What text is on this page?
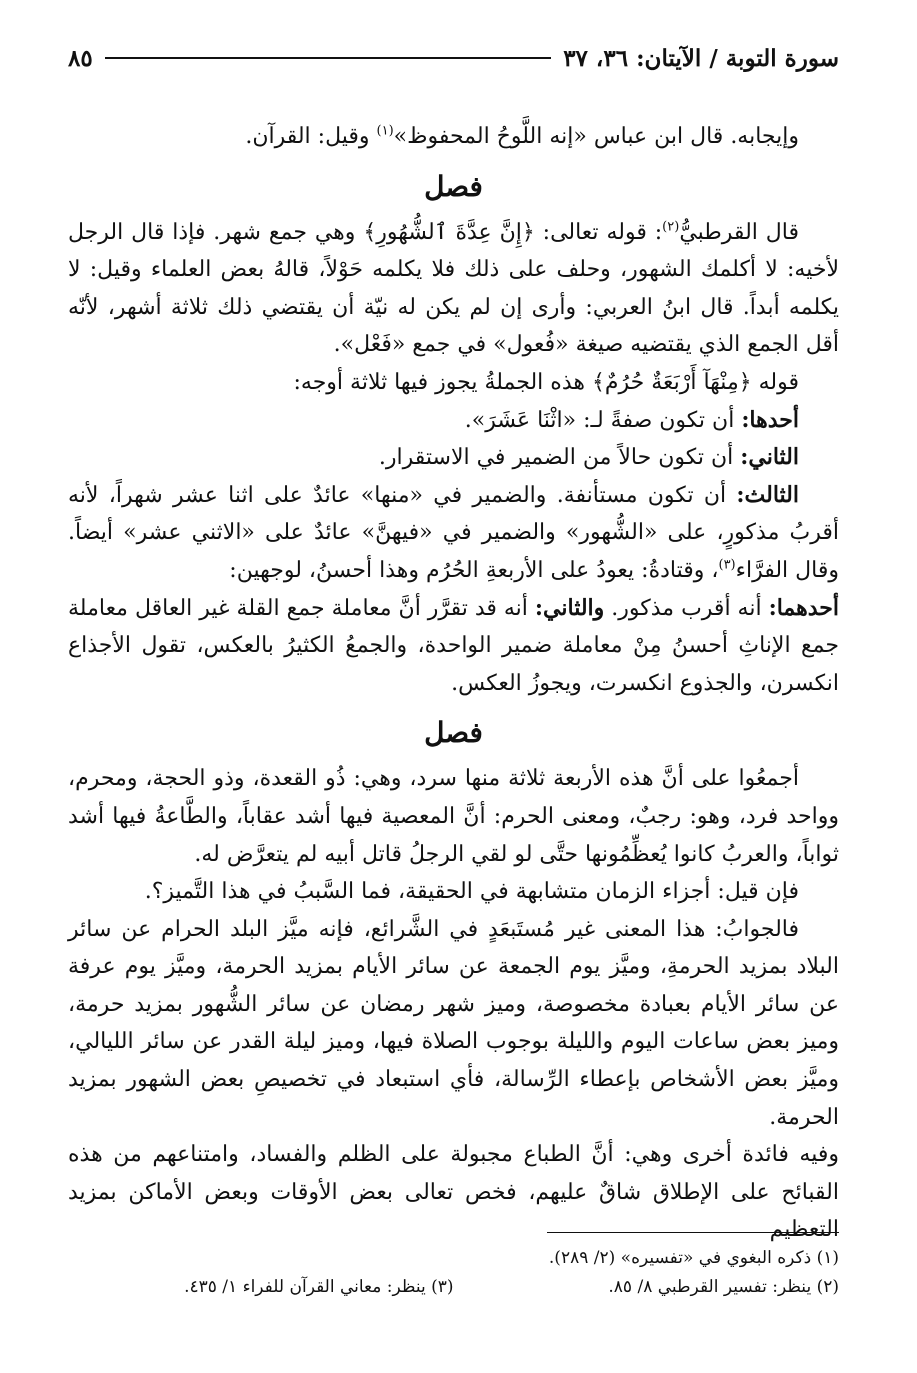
سورة التوبة / الآيتان: ٣٦، ٣٧
٨٥

وإيجابه. قال ابن عباس «إنه اللَّوحُ المحفوظ»$^{(١)}$ وقيل: القرآن.

فصل

قال القرطبيُّ$^{(٢)}$: قوله تعالى: ﴿إِنَّ عِدَّةَ ٱلشُّهُورِ﴾ وهي جمع شهر. فإذا قال الرجل لأخيه: لا أكلمك الشهور، وحلف على ذلك فلا يكلمه حَوْلاً، قالهُ بعض العلماء وقيل: لا يكلمه أبداً. قال ابنُ العربي: وأرى إن لم يكن له نيّة أن يقتضي ذلك ثلاثة أشهر، لأنّه أقل الجمع الذي يقتضيه صيغة «فُعول» في جمع «فَعْل».

قوله ﴿مِنْهَآ أَرْبَعَةٌ حُرُمٌ﴾ هذه الجملةُ يجوز فيها ثلاثة أوجه:

أحدها: أن تكون صفةً لـ: «اثْنَا عَشَرَ».

الثاني: أن تكون حالاً من الضمير في الاستقرار.

الثالث: أن تكون مستأنفة. والضمير في «منها» عائدٌ على اثنا عشر شهراً، لأنه أقربُ مذكورٍ، على «الشُّهور» والضمير في «فيهنَّ» عائدٌ على «الاثني عشر» أيضاً. وقال الفرَّاء$^{(٣)}$، وقتادةُ: يعودُ على الأربعةِ الحُرُم وهذا أحسنُ، لوجهين:

أحدهما: أنه أقرب مذكور. والثاني: أنه قد تقرَّر أنَّ معاملة جمع القلة غير العاقل معاملة جمع الإناثِ أحسنُ مِنْ معاملة ضمير الواحدة، والجمعُ الكثيرُ بالعكس، تقول الأجذاع انكسرن، والجذوع انكسرت، ويجوزُ العكس.

فصل

أجمعُوا على أنَّ هذه الأربعة ثلاثة منها سرد، وهي: ذُو القعدة، وذو الحجة، ومحرم، وواحد فرد، وهو: رجبٌ، ومعنى الحرم: أنَّ المعصية فيها أشد عقاباً، والطَّاعةُ فيها أشد ثواباً، والعربُ كانوا يُعظِّمُونها حتَّى لو لقي الرجلُ قاتل أبيه لم يتعرَّض له.

فإن قيل: أجزاء الزمان متشابهة في الحقيقة، فما السَّببُ في هذا التَّميز؟.

فالجوابُ: هذا المعنى غير مُستَبعَدٍ في الشَّرائع، فإنه ميَّز البلد الحرام عن سائر البلاد بمزيد الحرمةِ، وميَّز يوم الجمعة عن سائر الأيام بمزيد الحرمة، وميَّز يوم عرفة عن سائر الأيام بعبادة مخصوصة، وميز شهر رمضان عن سائر الشُّهور بمزيد حرمة، وميز بعض ساعات اليوم والليلة بوجوب الصلاة فيها، وميز ليلة القدر عن سائر الليالي، وميَّز بعض الأشخاص بإعطاء الرِّسالة، فأي استبعاد في تخصيصِ بعض الشهور بمزيد الحرمة.

وفيه فائدة أخرى وهي: أنَّ الطباع مجبولة على الظلم والفساد، وامتناعهم من هذه القبائح على الإطلاق شاقٌ عليهم، فخص تعالى بعض الأوقات وبعض الأماكن بمزيد التعظيم

(١) ذكره البغوي في «تفسيره» (٢/ ٢٨٩).
(٢) ينظر: تفسير القرطبي ٨/ ٨٥.
(٣) ينظر: معاني القرآن للفراء ١/ ٤٣٥.
